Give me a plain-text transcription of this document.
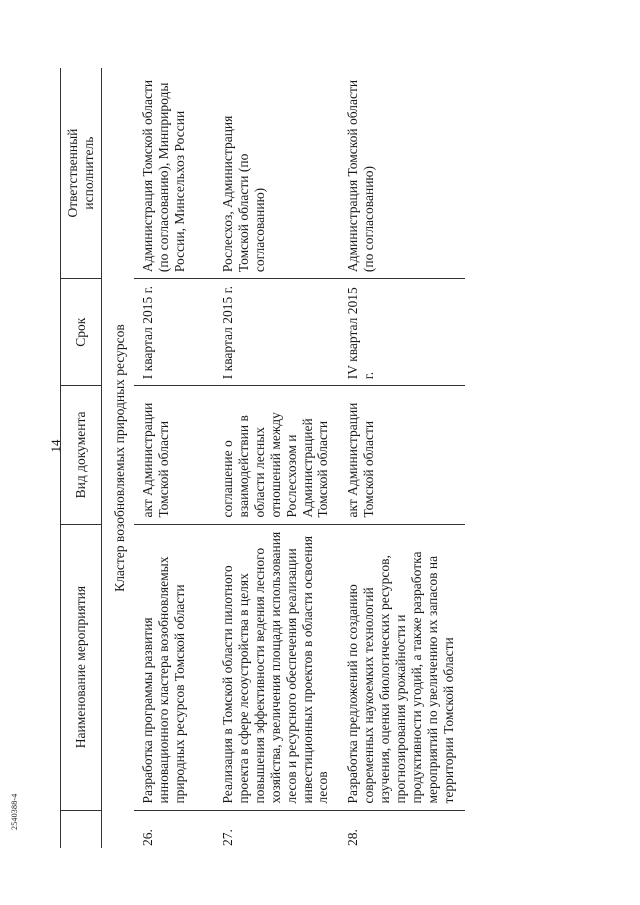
14
	Наименование мероприятия	Вид документа	Срок	Ответственный
исполнитель
Кластер возобновляемых природных ресурсов				
26.	Разработка программы развития инновационного кластера возобновляемых природных ресурсов Томской области	акт Администрации Томской области	I квартал 2015 г.	Администрация Томской области (по согласованию), Минприроды России, Минсельхоз России
27.	Реализация в Томской области пилотного проекта в сфере лесоустройства в целях повышения эффективности ведения лесного хозяйства, увеличения площади использования лесов и ресурсного обеспечения реализации инвестиционных проектов в области освоения лесов	соглашение о взаимодействии в области лесных отношений между Рослесхозом и Администрацией Томской области	I квартал 2015 г.	Рослесхоз, Администрация Томской области (по согласованию)
28.	Разработка предложений по созданию современных наукоемких технологий изучения, оценки биологических ресурсов, прогнозирования урожайности и продуктивности угодий, а также разработка мероприятий по увеличению их запасов на территории Томской области	акт Администрации Томской области	IV квартал 2015 г.	Администрация Томской области (по согласованию)
2540388-4
